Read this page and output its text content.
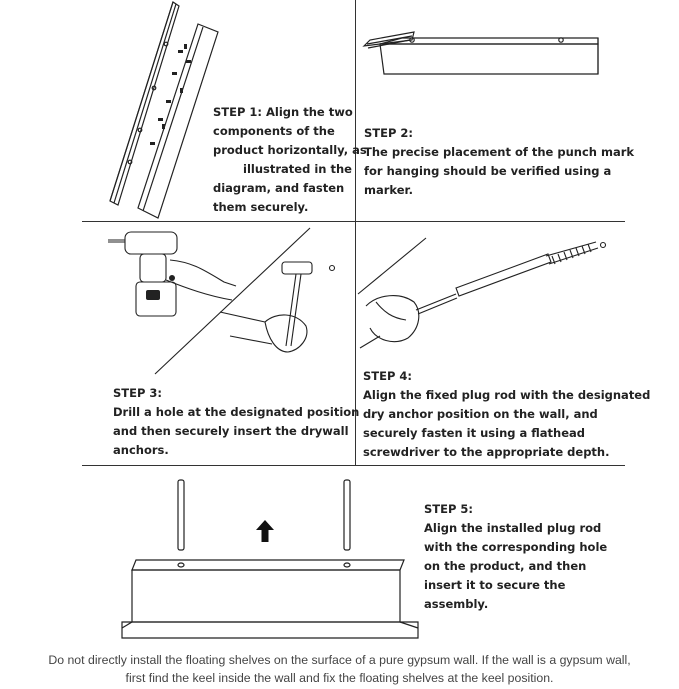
STEP 1: Align the two
components of the
product horizontally, as
illustrated in the
diagram, and fasten
them securely.
STEP 2:
The precise placement of the punch mark
for hanging should be verified using a
marker.
STEP 3:
Drill a hole at the designated position　,
and then securely insert the drywall
anchors.
STEP 4:
Align the fixed plug rod with the designated
dry anchor position on the wall, and
securely fasten it using a flathead
screwdriver to the appropriate depth.
STEP 5:
Align the installed plug rod
with the corresponding hole
on the product, and then
insert it to secure the
assembly.
Do not directly install the floating shelves on the surface of a pure gypsum wall. If the wall is a gypsum wall,
first find the keel inside the wall and fix the floating shelves at the keel position.
